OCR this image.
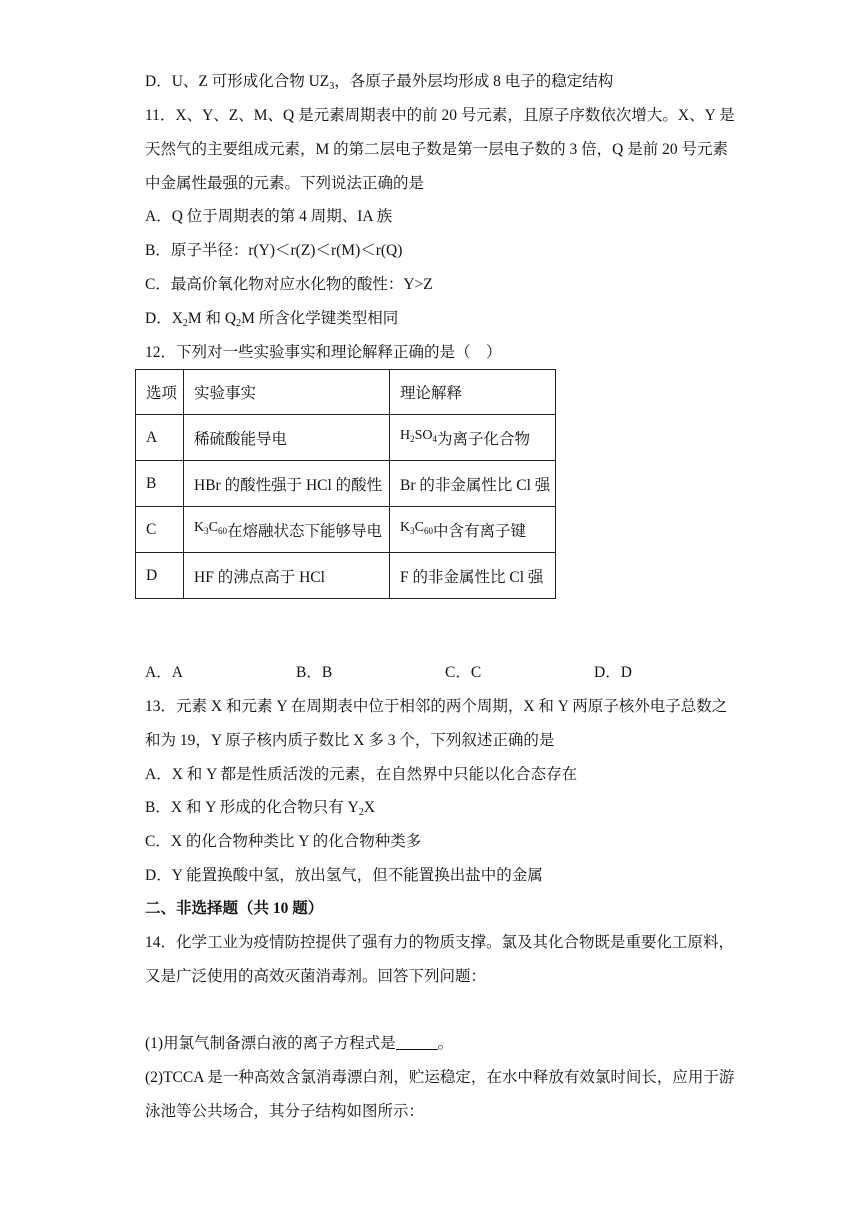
D．U、Z 可形成化合物 $UZ_3$，各原子最外层均形成 8 电子的稳定结构
11．X、Y、Z、M、Q 是元素周期表中的前 20 号元素，且原子序数依次增大。X、Y 是
天然气的主要组成元素，M 的第二层电子数是第一层电子数的 3 倍，Q 是前 20 号元素
中金属性最强的元素。下列说法正确的是
A．Q 位于周期表的第 4 周期、IA 族
B．原子半径：r(Y)＜r(Z)＜r(M)＜r(Q)
C．最高价氧化物对应水化物的酸性：Y>Z
D．$X_2M$ 和 $Q_2M$ 所含化学键类型相同
12．下列对一些实验事实和理论解释正确的是（　）
选项	实验事实	理论解释
A	稀硫酸能导电	$H_2SO_4$为离子化合物
B	HBr 的酸性强于 HCl 的酸性	Br 的非金属性比 Cl 强
C	$K_3C_{60}$在熔融状态下能够导电	$K_3C_{60}$中含有离子键
D	HF 的沸点高于 HCl	F 的非金属性比 Cl 强
A．A	B．B	C．C	D．D
13．元素 X 和元素 Y 在周期表中位于相邻的两个周期，X 和 Y 两原子核外电子总数之
和为 19，Y 原子核内质子数比 X 多 3 个，下列叙述正确的是
A．X 和 Y 都是性质活泼的元素，在自然界中只能以化合态存在
B．X 和 Y 形成的化合物只有 $Y_2X$
C．X 的化合物种类比 Y 的化合物种类多
D．Y 能置换酸中氢，放出氢气，但不能置换出盐中的金属
二、非选择题（共 10 题）
14．化学工业为疫情防控提供了强有力的物质支撑。氯及其化合物既是重要化工原料，
又是广泛使用的高效灭菌消毒剂。回答下列问题：
(1)用氯气制备漂白液的离子方程式是	。
(2)TCCA 是一种高效含氯消毒漂白剂，贮运稳定，在水中释放有效氯时间长，应用于游
泳池等公共场合，其分子结构如图所示：
